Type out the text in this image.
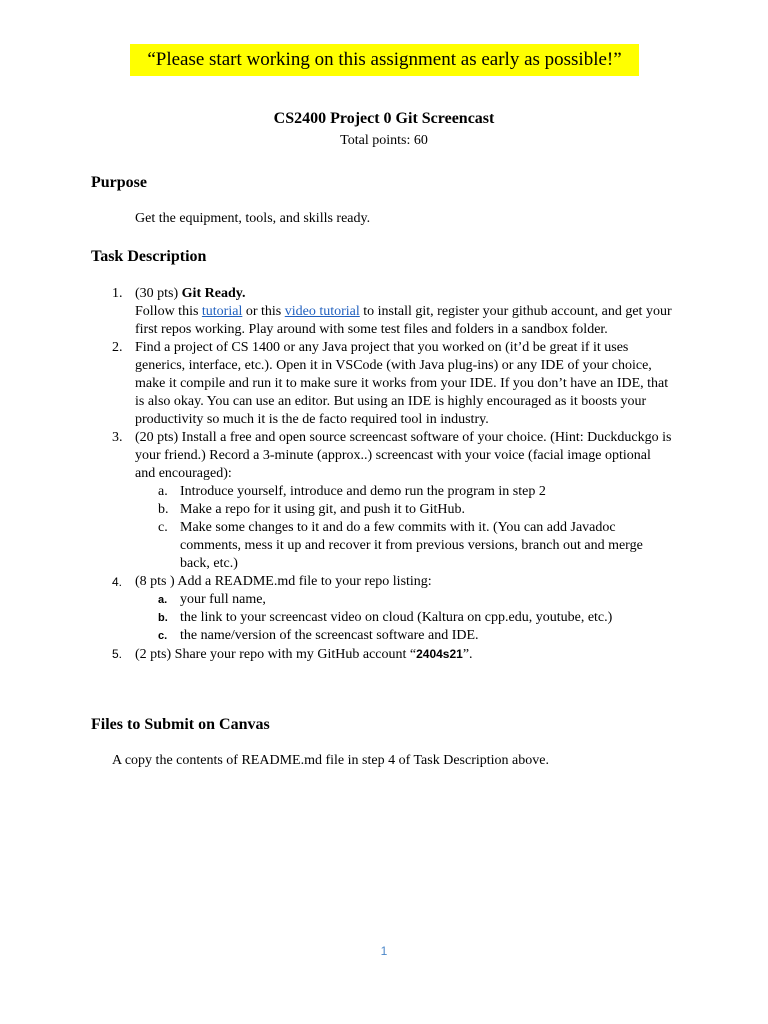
“Please start working on this assignment as early as possible!”
CS2400 Project 0 Git Screencast
Total points: 60
Purpose

Get the equipment, tools, and skills ready.

Task Description
1. (30 pts) Git Ready.
Follow this tutorial or this video tutorial to install git, register your github account, and get your first repos working. Play around with some test files and folders in a sandbox folder.
2. Find a project of CS 1400 or any Java project that you worked on (it’d be great if it uses generics, interface, etc.). Open it in VSCode (with Java plug-ins) or any IDE of your choice, make it compile and run it to make sure it works from your IDE. If you don’t have an IDE, that is also okay. You can use an editor. But using an IDE is highly encouraged as it boosts your productivity so much it is the de facto required tool in industry.
3. (20 pts) Install a free and open source screencast software of your choice. (Hint: Duckduckgo is your friend.) Record a 3-minute (approx..) screencast with your voice (facial image optional and encouraged):
a. Introduce yourself, introduce and demo run the program in step 2
b. Make a repo for it using git, and push it to GitHub.
c. Make some changes to it and do a few commits with it. (You can add Javadoc comments, mess it up and recover it from previous versions, branch out and merge back, etc.)
4. (8 pts ) Add a README.md file to your repo listing:
a. your full name,
b. the link to your screencast video on cloud (Kaltura on cpp.edu, youtube, etc.)
c. the name/version of the screencast software and IDE.
5. (2 pts) Share your repo with my GitHub account “2404s21”.
Files to Submit on Canvas

A copy the contents of README.md file in step 4 of Task Description above.

1
